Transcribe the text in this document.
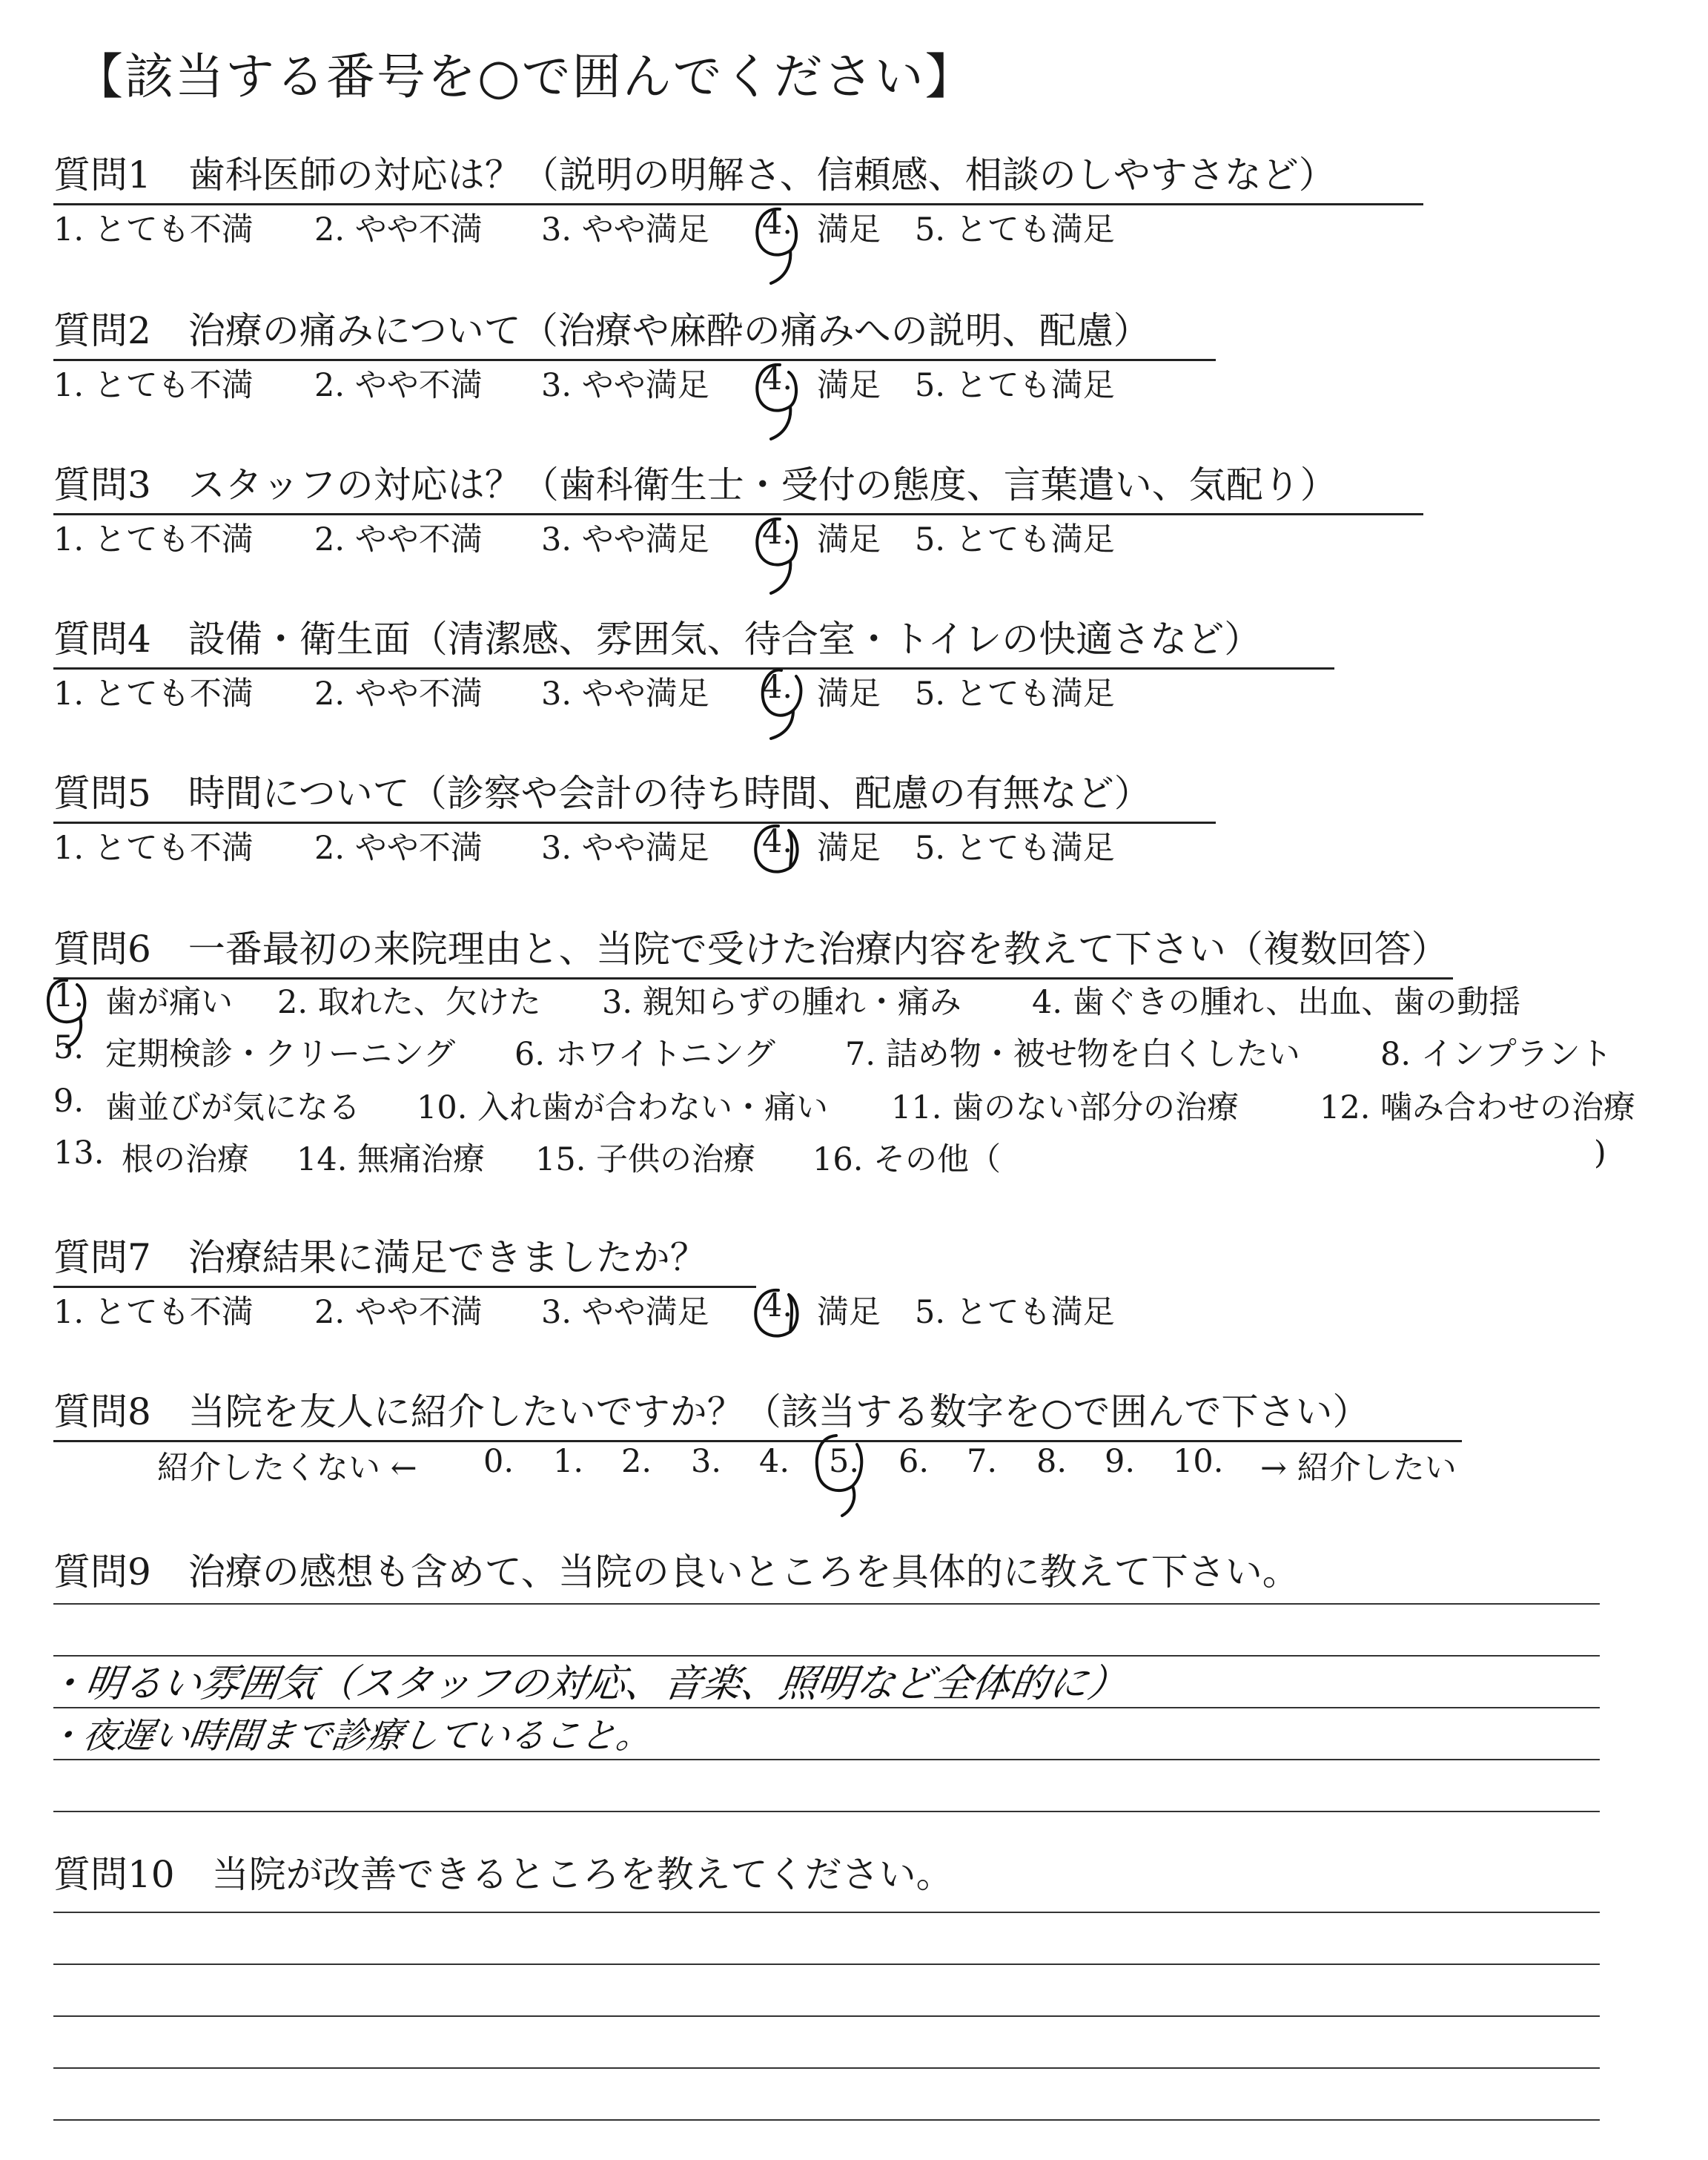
【該当する番号を○で囲んでください】
質問1　歯科医師の対応は？（説明の明解さ、信頼感、相談のしやすさなど）
1. とても不満 2. やや不満 3. やや満足 4. 満足 5. とても満足
質問2　治療の痛みについて（治療や麻酔の痛みへの説明、配慮）
1. とても不満 2. やや不満 3. やや満足 4. 満足 5. とても満足
質問3　スタッフの対応は？（歯科衛生士・受付の態度、言葉遣い、気配り）
1. とても不満 2. やや不満 3. やや満足 4. 満足 5. とても満足
質問4　設備・衛生面（清潔感、雰囲気、待合室・トイレの快適さなど）
1. とても不満 2. やや不満 3. やや満足 4. 満足 5. とても満足
質問5　時間について（診察や会計の待ち時間、配慮の有無など）
1. とても不満 2. やや不満 3. やや満足 4. 満足 5. とても満足
質問6　一番最初の来院理由と、当院で受けた治療内容を教えて下さい（複数回答）
1. 歯が痛い 2. 取れた、欠けた 3. 親知らずの腫れ・痛み 4. 歯ぐきの腫れ、出血、歯の動揺
5. 定期検診・クリーニング 6. ホワイトニング 7. 詰め物・被せ物を白くしたい	8. インプラント
9. 歯並びが気になる 10. 入れ歯が合わない・痛い 11. 歯のない部分の治療	12. 噛み合わせの治療
13. 根の治療 14. 無痛治療 15. 子供の治療 16. その他（	)
質問7　治療結果に満足できましたか？
1. とても不満 2. やや不満 3. やや満足 4. 満足 5. とても満足
質問8　当院を友人に紹介したいですか？（該当する数字を○で囲んで下さい）
紹介したくない ← 0. 1. 2. 3. 4. 5. 6. 7. 8. 9. 10. → 紹介したい
質問9　治療の感想も含めて、当院の良いところを具体的に教えて下さい。
・明るい雰囲気（スタッフの対応、音楽、照明など全体的に）
・夜遅い時間まで診療していること。
質問10　当院が改善できるところを教えてください。
